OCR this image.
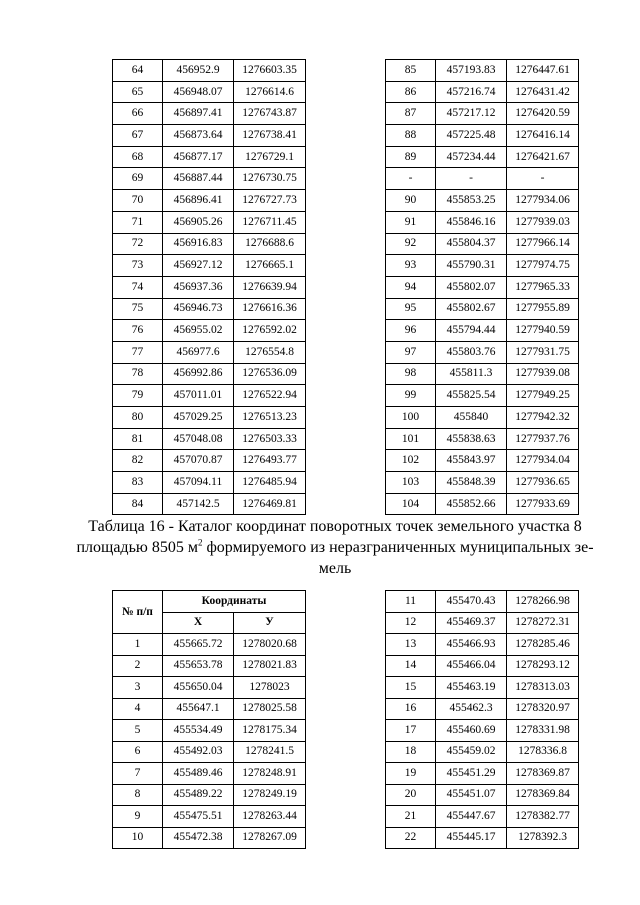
64	456952.9	1276603.35
65	456948.07	1276614.6
66	456897.41	1276743.87
67	456873.64	1276738.41
68	456877.17	1276729.1
69	456887.44	1276730.75
70	456896.41	1276727.73
71	456905.26	1276711.45
72	456916.83	1276688.6
73	456927.12	1276665.1
74	456937.36	1276639.94
75	456946.73	1276616.36
76	456955.02	1276592.02
77	456977.6	1276554.8
78	456992.86	1276536.09
79	457011.01	1276522.94
80	457029.25	1276513.23
81	457048.08	1276503.33
82	457070.87	1276493.77
83	457094.11	1276485.94
84	457142.5	1276469.81
85	457193.83	1276447.61
86	457216.74	1276431.42
87	457217.12	1276420.59
88	457225.48	1276416.14
89	457234.44	1276421.67
-	-	-
90	455853.25	1277934.06
91	455846.16	1277939.03
92	455804.37	1277966.14
93	455790.31	1277974.75
94	455802.07	1277965.33
95	455802.67	1277955.89
96	455794.44	1277940.59
97	455803.76	1277931.75
98	455811.3	1277939.08
99	455825.54	1277949.25
100	455840	1277942.32
101	455838.63	1277937.76
102	455843.97	1277934.04
103	455848.39	1277936.65
104	455852.66	1277933.69
Таблица 16 - Каталог координат поворотных точек земельного участка 8
площадью 8505 $м^2$ формируемого из неразграниченных муниципальных зе-
мель
№ п/п	Координаты	
	Х	У
1	455665.72	1278020.68
2	455653.78	1278021.83
3	455650.04	1278023
4	455647.1	1278025.58
5	455534.49	1278175.34
6	455492.03	1278241.5
7	455489.46	1278248.91
8	455489.22	1278249.19
9	455475.51	1278263.44
10	455472.38	1278267.09
11	455470.43	1278266.98
12	455469.37	1278272.31
13	455466.93	1278285.46
14	455466.04	1278293.12
15	455463.19	1278313.03
16	455462.3	1278320.97
17	455460.69	1278331.98
18	455459.02	1278336.8
19	455451.29	1278369.87
20	455451.07	1278369.84
21	455447.67	1278382.77
22	455445.17	1278392.3
